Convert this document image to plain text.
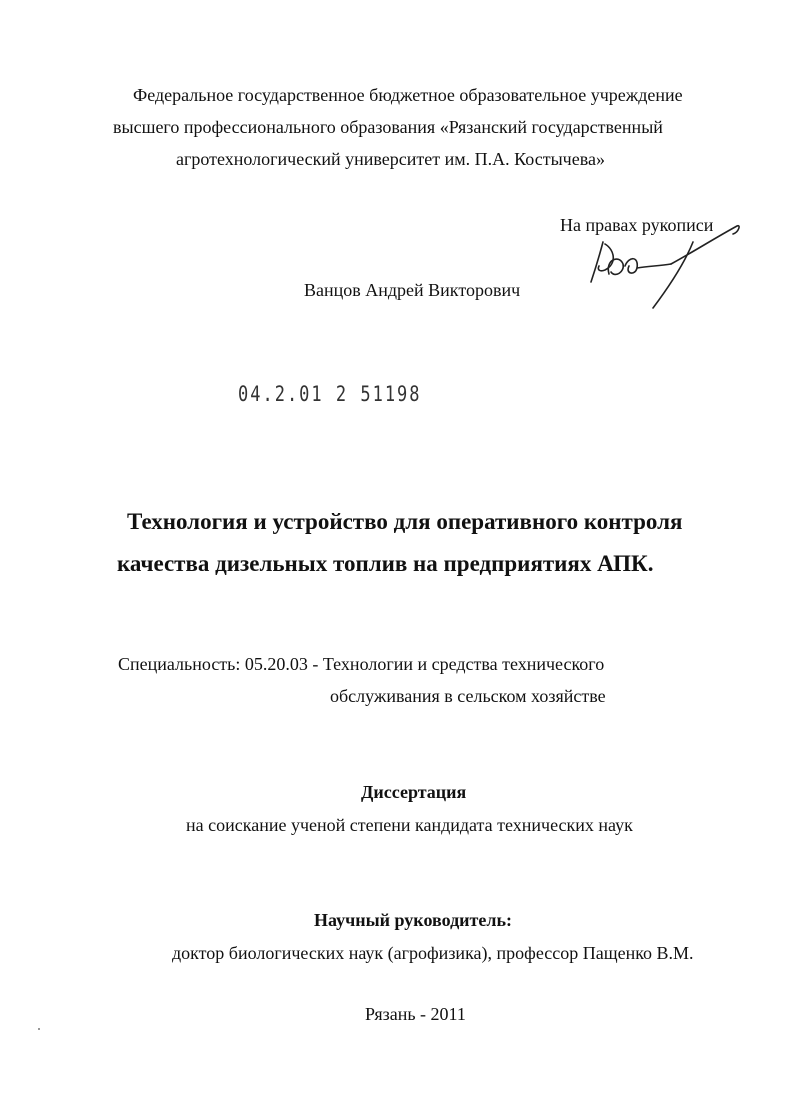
Федеральное государственное бюджетное образовательное учреждение
высшего профессионального образования «Рязанский государственный
агротехнологический университет им. П.А. Костычева»
На правах рукописи
Ванцов Андрей Викторович
04.2.01 2 51198
Технология и устройство для оперативного контроля
качества дизельных топлив на предприятиях АПК.
Специальность: 05.20.03 - Технологии и средства технического
обслуживания в сельском хозяйстве
Диссертация
на соискание ученой степени кандидата технических наук
Научный руководитель:
доктор биологических наук (агрофизика), профессор Пащенко В.М.
Рязань - 2011
